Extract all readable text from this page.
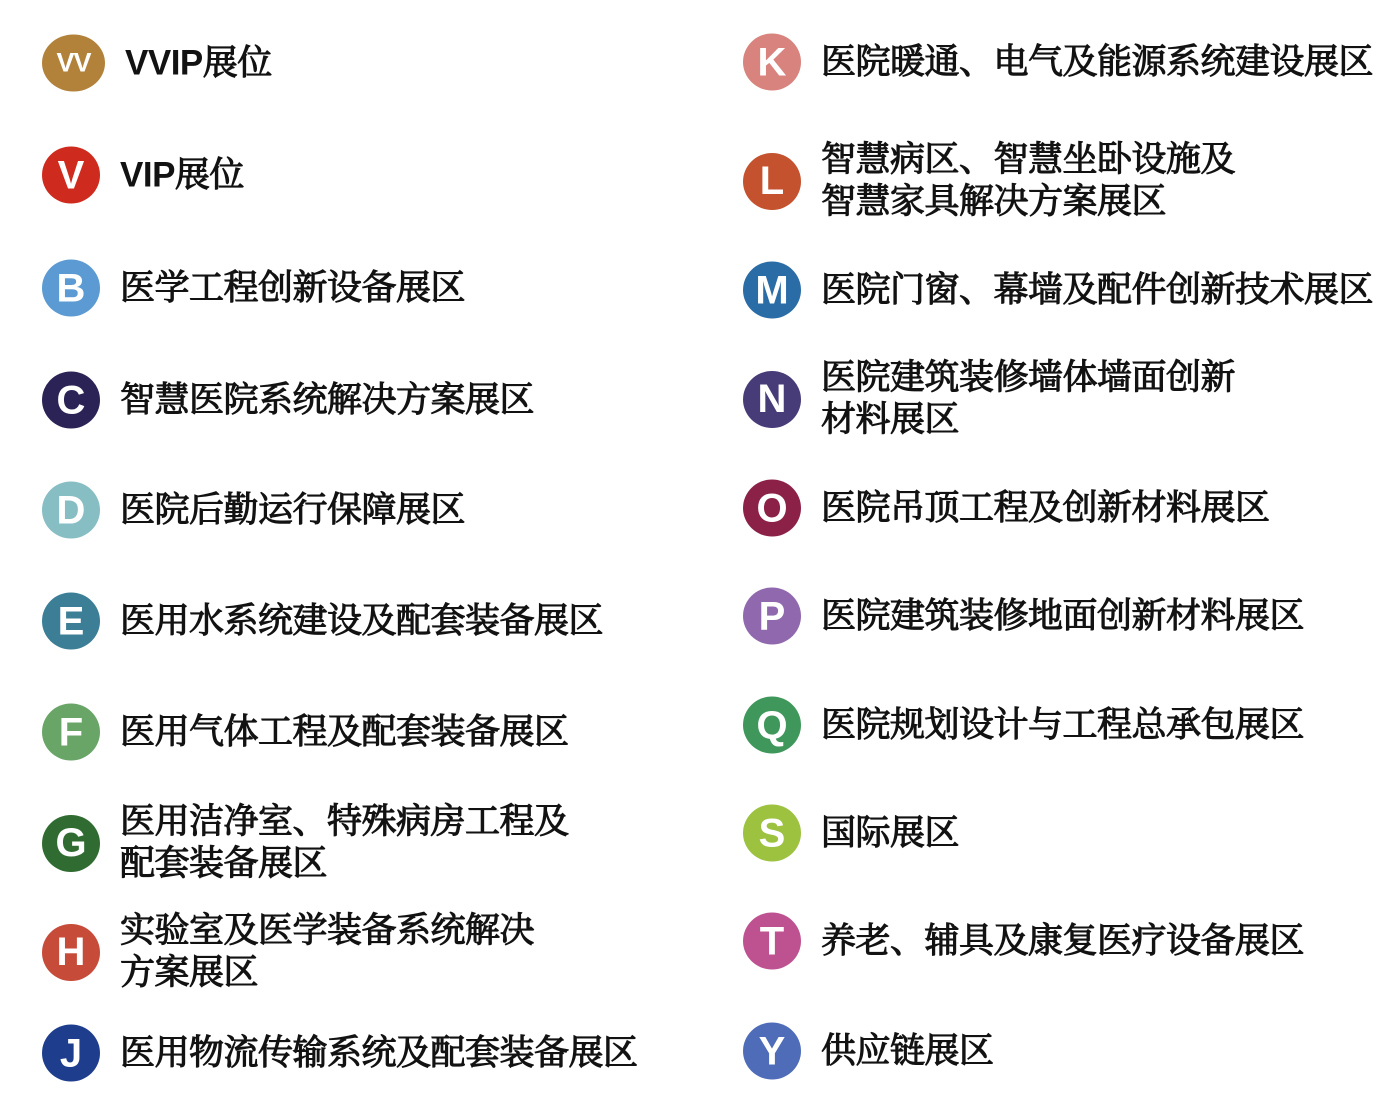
VV VVIP展位
V VIP展位
B 医学工程创新设备展区
C 智慧医院系统解决方案展区
D 医院后勤运行保障展区
E 医用水系统建设及配套装备展区
F 医用气体工程及配套装备展区
G 医用洁净室、特殊病房工程及
配套装备展区
H 实验室及医学装备系统解决
方案展区
J 医用物流传输系统及配套装备展区
K 医院暖通、电气及能源系统建设展区
L 智慧病区、智慧坐卧设施及
智慧家具解决方案展区
M 医院门窗、幕墙及配件创新技术展区
N 医院建筑装修墙体墙面创新
材料展区
O 医院吊顶工程及创新材料展区
P 医院建筑装修地面创新材料展区
Q 医院规划设计与工程总承包展区
S 国际展区
T 养老、辅具及康复医疗设备展区
Y 供应链展区
